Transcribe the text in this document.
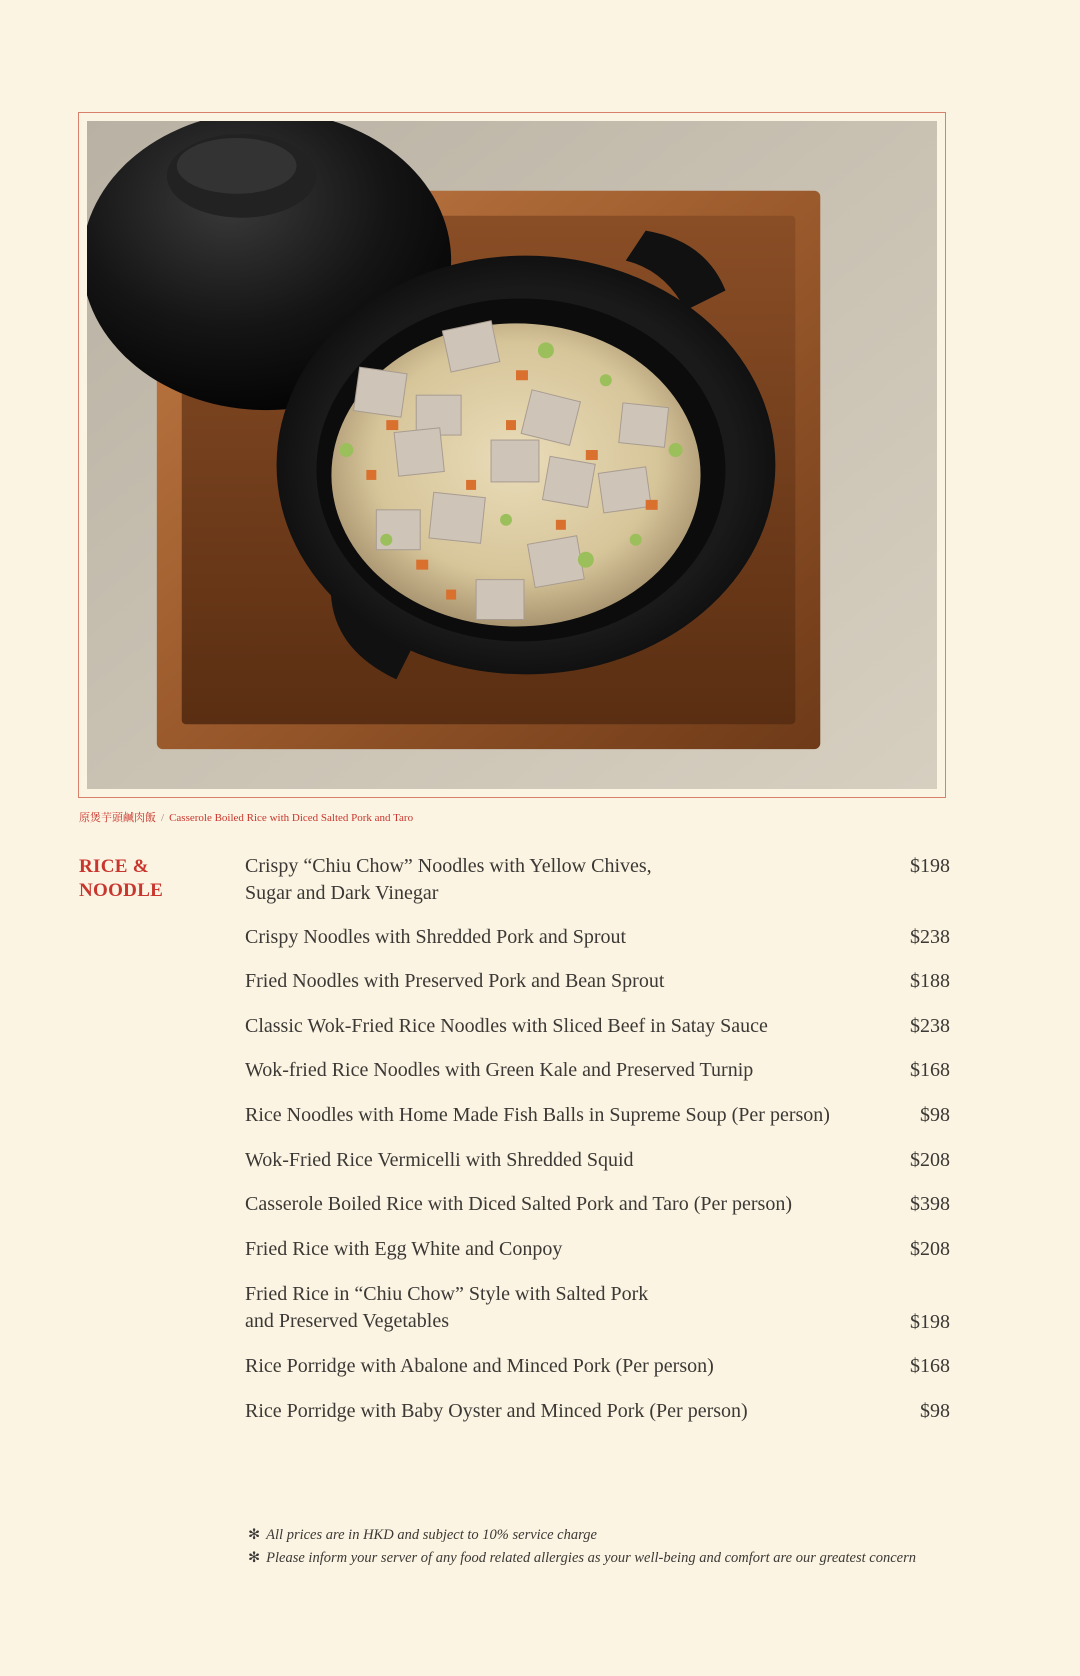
原煲芋頭鹹肉飯 / Casserole Boiled Rice with Diced Salted Pork and Taro
RICE &
NOODLE
Crispy “Chiu Chow” Noodles with Yellow Chives,
Sugar and Dark Vinegar
$198
Crispy Noodles with Shredded Pork and Sprout	$238
Fried Noodles with Preserved Pork and Bean Sprout	$188
Classic Wok-Fried Rice Noodles with Sliced Beef in Satay Sauce	$238
Wok-fried Rice Noodles with Green Kale and Preserved Turnip	$168
Rice Noodles with Home Made Fish Balls in Supreme Soup (Per person)	$98
Wok-Fried Rice Vermicelli with Shredded Squid	$208
Casserole Boiled Rice with Diced Salted Pork and Taro (Per person)	$398
Fried Rice with Egg White and Conpoy	$208
Fried Rice in “Chiu Chow” Style with Salted Pork
and Preserved Vegetables	$198
Rice Porridge with Abalone and Minced Pork (Per person)	$168
Rice Porridge with Baby Oyster and Minced Pork (Per person)	$98
✻ All prices are in HKD and subject to 10% service charge
✻ Please inform your server of any food related allergies as your well-being and comfort are our greatest concern
